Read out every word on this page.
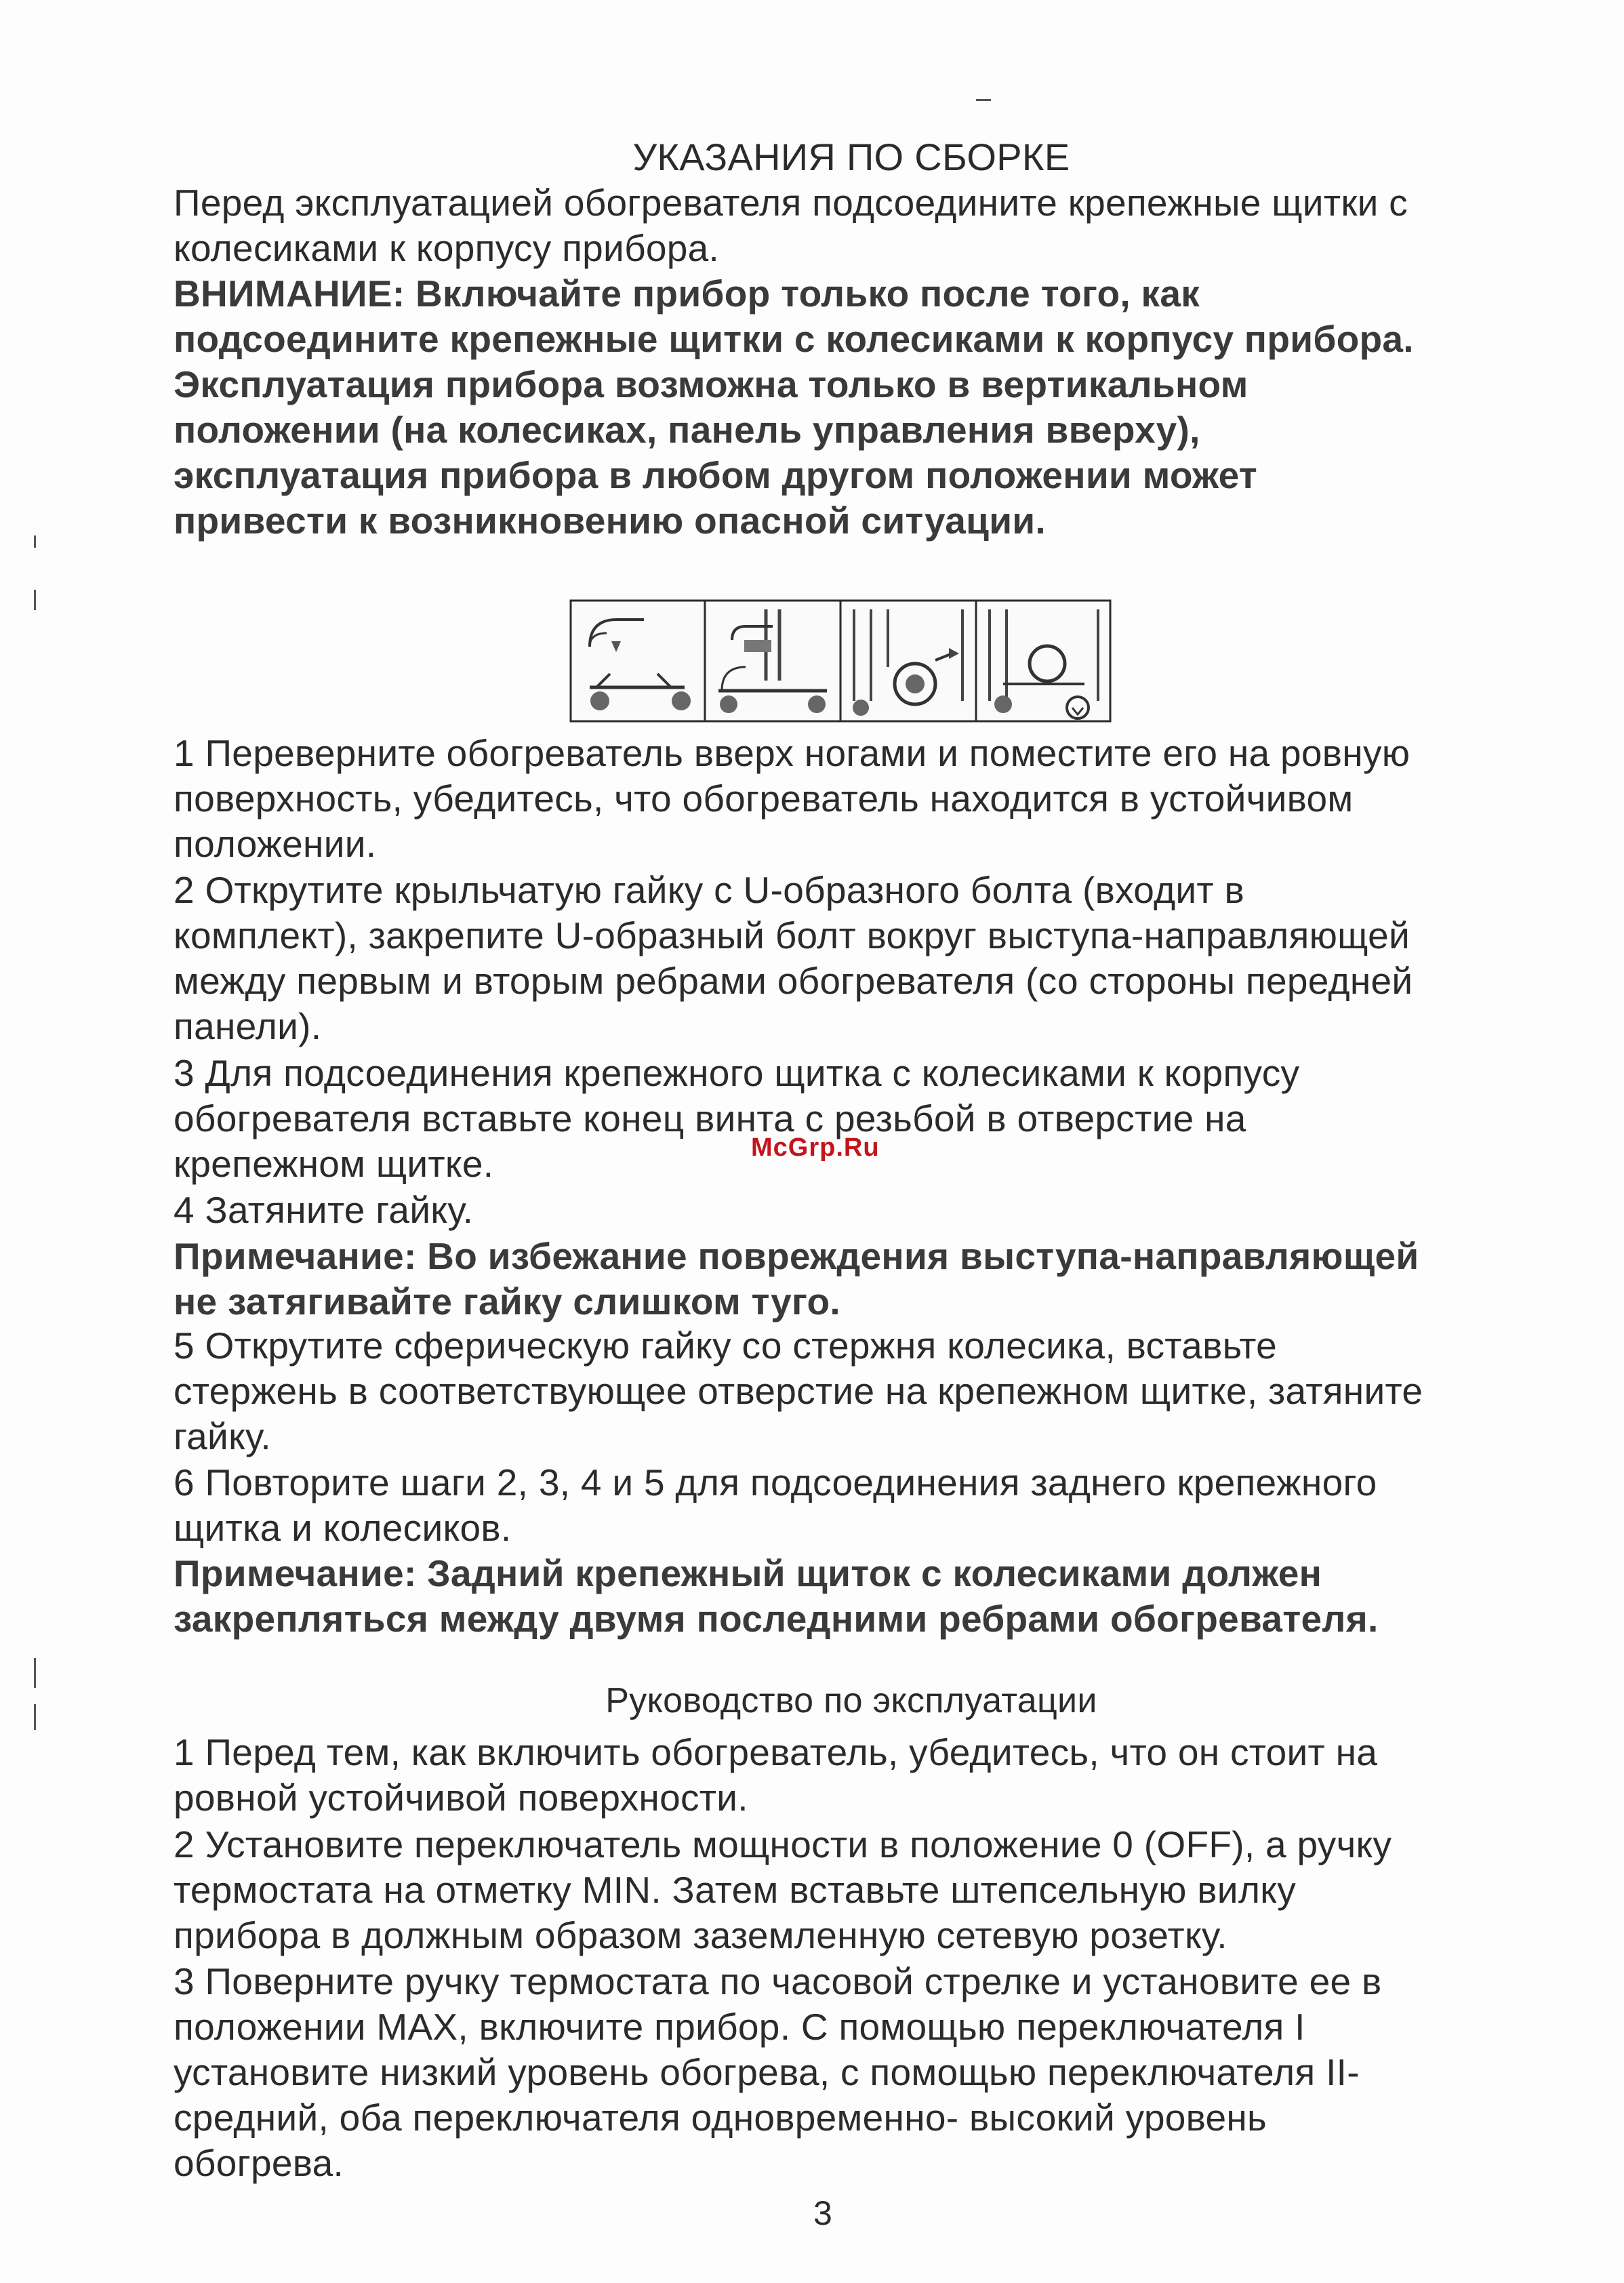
УКАЗАНИЯ ПО СБОРКЕ

Перед эксплуатацией обогревателя подсоедините крепежные щитки с
колесиками к корпусу прибора.

ВНИМАНИЕ: Включайте прибор только после того, как
подсоедините крепежные щитки с колесиками к корпусу прибора.
Эксплуатация прибора возможна только в вертикальном
положении (на колесиках, панель управления вверху),
эксплуатация прибора в любом другом положении может
привести к возникновению опасной ситуации.

1 Переверните обогреватель вверх ногами и поместите его на ровную
поверхность, убедитесь, что обогреватель находится в устойчивом
положении.

2 Открутите крыльчатую гайку с U-образного болта (входит в
комплект), закрепите U-образный болт вокруг выступа-направляющей
между первым и вторым ребрами обогревателя (со стороны передней
панели).

3 Для подсоединения крепежного щитка с колесиками к корпусу
обогревателя вставьте конец винта с резьбой в отверстие на
крепежном щитке.

4 Затяните гайку.

Примечание: Во избежание повреждения выступа-направляющей
не затягивайте гайку слишком туго.

5 Открутите сферическую гайку со стержня колесика, вставьте
стержень в соответствующее отверстие на крепежном щитке, затяните
гайку.

6 Повторите шаги 2, 3, 4 и 5 для подсоединения заднего крепежного
щитка и колесиков.

Примечание: Задний крепежный щиток с колесиками должен
закрепляться между двумя последними ребрами обогревателя.

McGrp.Ru
Руководство по эксплуатации

1 Перед тем, как включить обогреватель, убедитесь, что он стоит на
ровной устойчивой поверхности.

2 Установите переключатель мощности в положение 0 (OFF), а ручку
термостата на отметку MIN. Затем вставьте штепсельную вилку
прибора в должным образом заземленную сетевую розетку.

3 Поверните ручку термостата по часовой стрелке и установите ее в
положении MAX, включите прибор. С помощью переключателя I
установите низкий уровень обогрева, с помощью переключателя II-
средний, оба переключателя одновременно- высокий уровень
обогрева.

3
